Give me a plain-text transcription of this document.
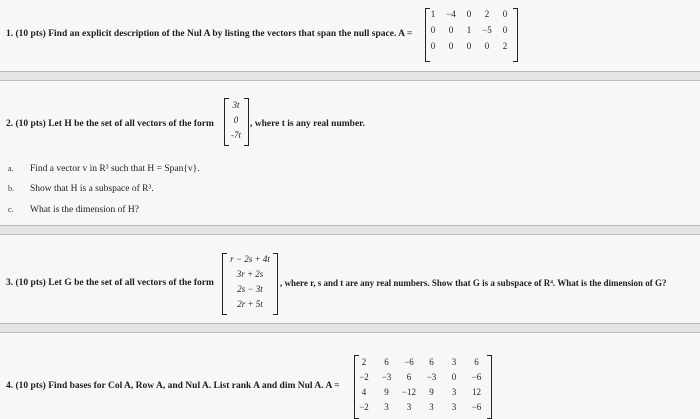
1. (10 pts) Find an explicit description of the Nul A by listing the vectors that span the null space. A =
1	−4	0	2	0
0	0	1	−5	0
0	0	0	0	2
2. (10 pts) Let H be the set of all vectors of the form
3t
0
-7t
, where t is any real number.
a. Find a vector v in R³ such that H = Span{v}.
b. Show that H is a subspace of R³.
c. What is the dimension of H?
3. (10 pts) Let G be the set of all vectors of the form
r − 2s + 4t
3r + 2s
2s − 3t
2r + 5t
, where r, s and t are any real numbers. Show that G is a subspace of R⁴. What is the dimension of G?
4. (10 pts) Find bases for Col A, Row A, and Nul A. List rank A and dim Nul A. A =
2	6	−6	6	3	6
−2	−3	6	−3	0	−6
4	9	−12	9	3	12
−2	3	3	3	3	−6
